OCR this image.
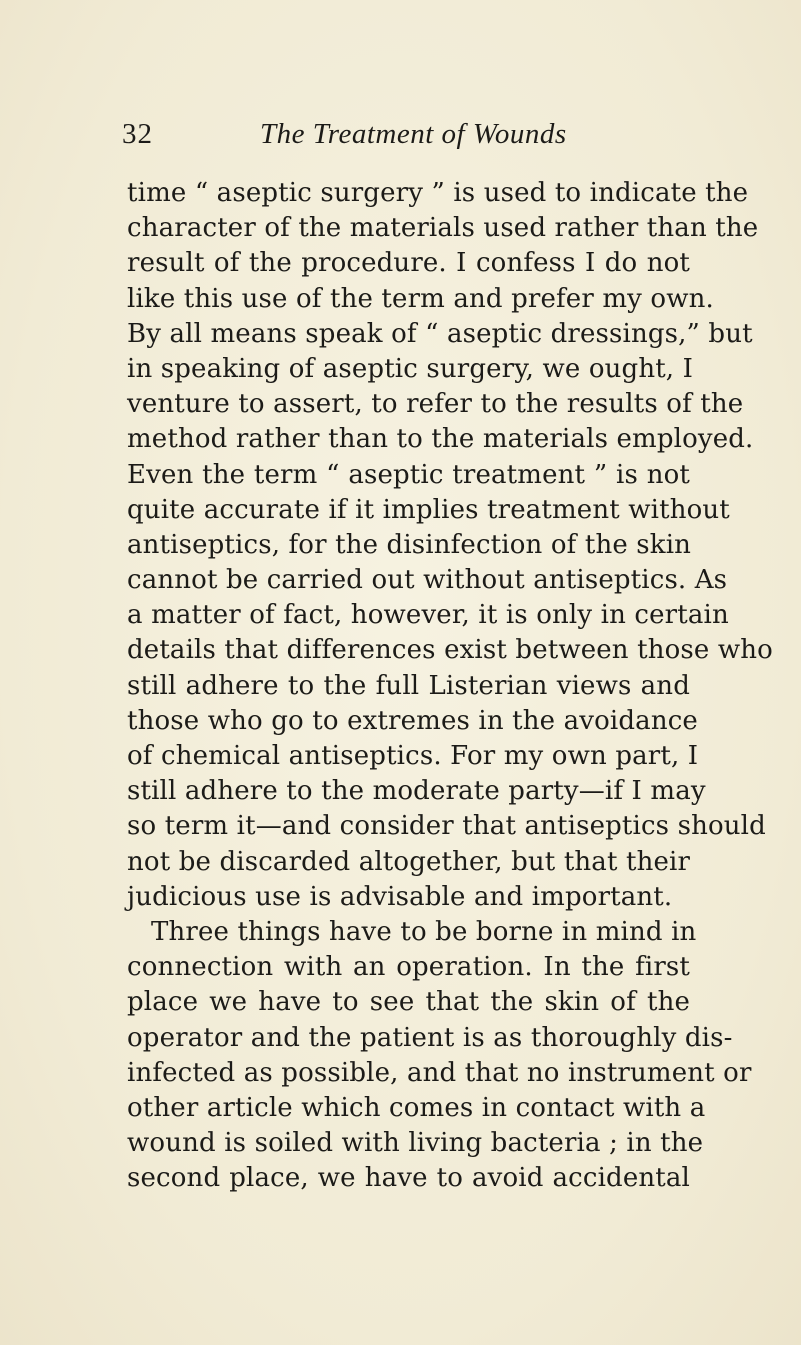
32	The Treatment of Wounds
time “ aseptic surgery ” is used to indicate the
character of the materials used rather than the
result of the procedure. I confess I do not
like this use of the term and prefer my own.
By all means speak of “ aseptic dressings,” but
in speaking of aseptic surgery, we ought, I
venture to assert, to refer to the results of the
method rather than to the materials employed.
Even the term “ aseptic treatment ” is not
quite accurate if it implies treatment without
antiseptics, for the disinfection of the skin
cannot be carried out without antiseptics. As
a matter of fact, however, it is only in certain
details that differences exist between those who
still adhere to the full Listerian views and
those who go to extremes in the avoidance
of chemical antiseptics. For my own part, I
still adhere to the moderate party—if I may
so term it—and consider that antiseptics should
not be discarded altogether, but that their
judicious use is advisable and important.
Three things have to be borne in mind in
connection with an operation. In the first
place we have to see that the skin of the
operator and the patient is as thoroughly dis-
infected as possible, and that no instrument or
other article which comes in contact with a
wound is soiled with living bacteria ; in the
second place, we have to avoid accidental
